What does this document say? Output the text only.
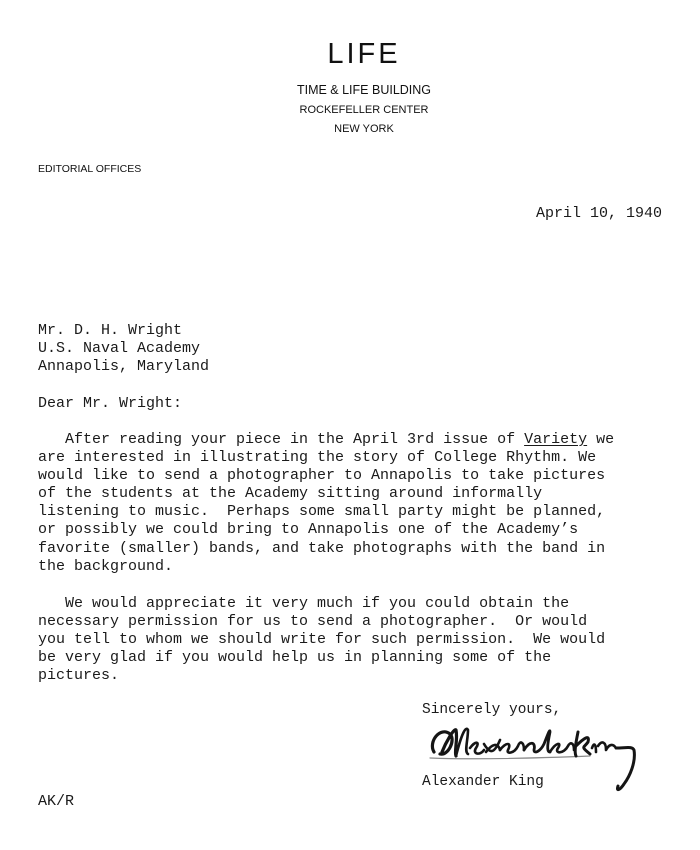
LIFE
TIME & LIFE BUILDING
ROCKEFELLER CENTER
NEW YORK
EDITORIAL OFFICES
April 10, 1940
Mr. D. H. Wright
U.S. Naval Academy
Annapolis, Maryland
Dear Mr. Wright:
After reading your piece in the April 3rd issue of Variety we
are interested in illustrating the story of College Rhythm. We
would like to send a photographer to Annapolis to take pictures
of the students at the Academy sitting around informally
listening to music.  Perhaps some small party might be planned,
or possibly we could bring to Annapolis one of the Academy’s
favorite (smaller) bands, and take photographs with the band in
the background.
We would appreciate it very much if you could obtain the
necessary permission for us to send a photographer.  Or would
you tell to whom we should write for such permission.  We would
be very glad if you would help us in planning some of the
pictures.
Sincerely yours,
Alexander King
AK/R
